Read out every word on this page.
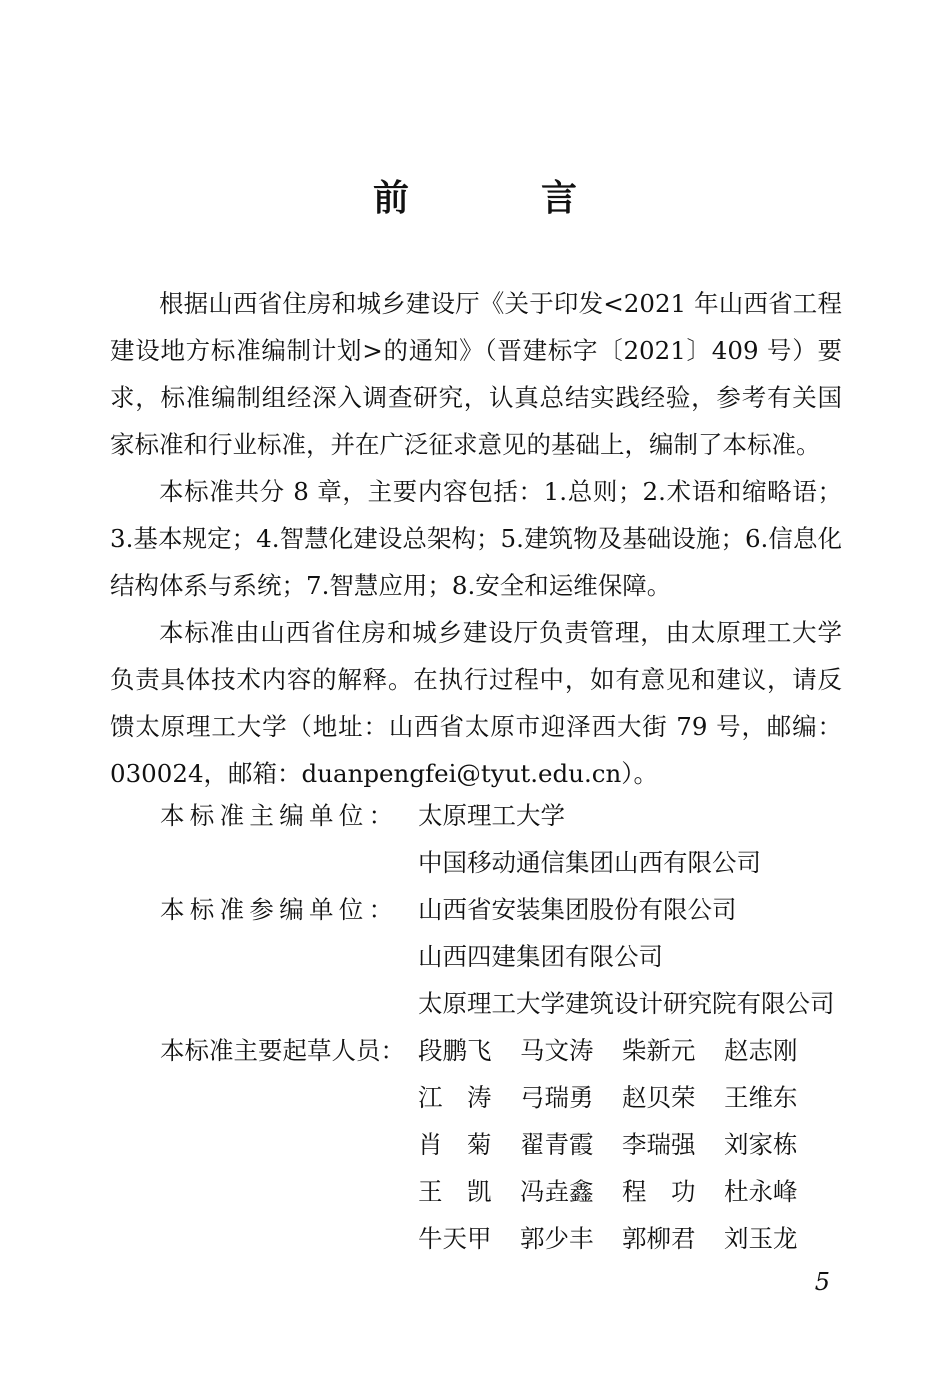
前　言

根据山西省住房和城乡建设厅《关于印发<2021 年山西省工程建设地方标准编制计划>的通知》（晋建标字〔2021〕409 号）要求，标准编制组经深入调查研究，认真总结实践经验，参考有关国家标准和行业标准，并在广泛征求意见的基础上，编制了本标准。

本标准共分 8 章，主要内容包括：1.总则；2.术语和缩略语；3.基本规定；4.智慧化建设总架构；5.建筑物及基础设施；6.信息化结构体系与系统；7.智慧应用；8.安全和运维保障。

本标准由山西省住房和城乡建设厅负责管理，由太原理工大学负责具体技术内容的解释。在执行过程中，如有意见和建议，请反馈太原理工大学（地址：山西省太原市迎泽西大街 79 号，邮编：030024，邮箱：duanpengfei@tyut.edu.cn）。

本标准主编单位： 太原理工大学
中国移动通信集团山西有限公司
本标准参编单位： 山西省安装集团股份有限公司
山西四建集团有限公司
太原理工大学建筑设计研究院有限公司
本标准主要起草人员： 段鹏飞	马文涛	柴新元	赵志刚
江　涛	弓瑞勇	赵贝荣	王维东
肖　菊	翟青霞	李瑞强	刘家栋
王　凯	冯垚鑫	程　功	杜永峰
牛天甲	郭少丰	郭柳君	刘玉龙
5
